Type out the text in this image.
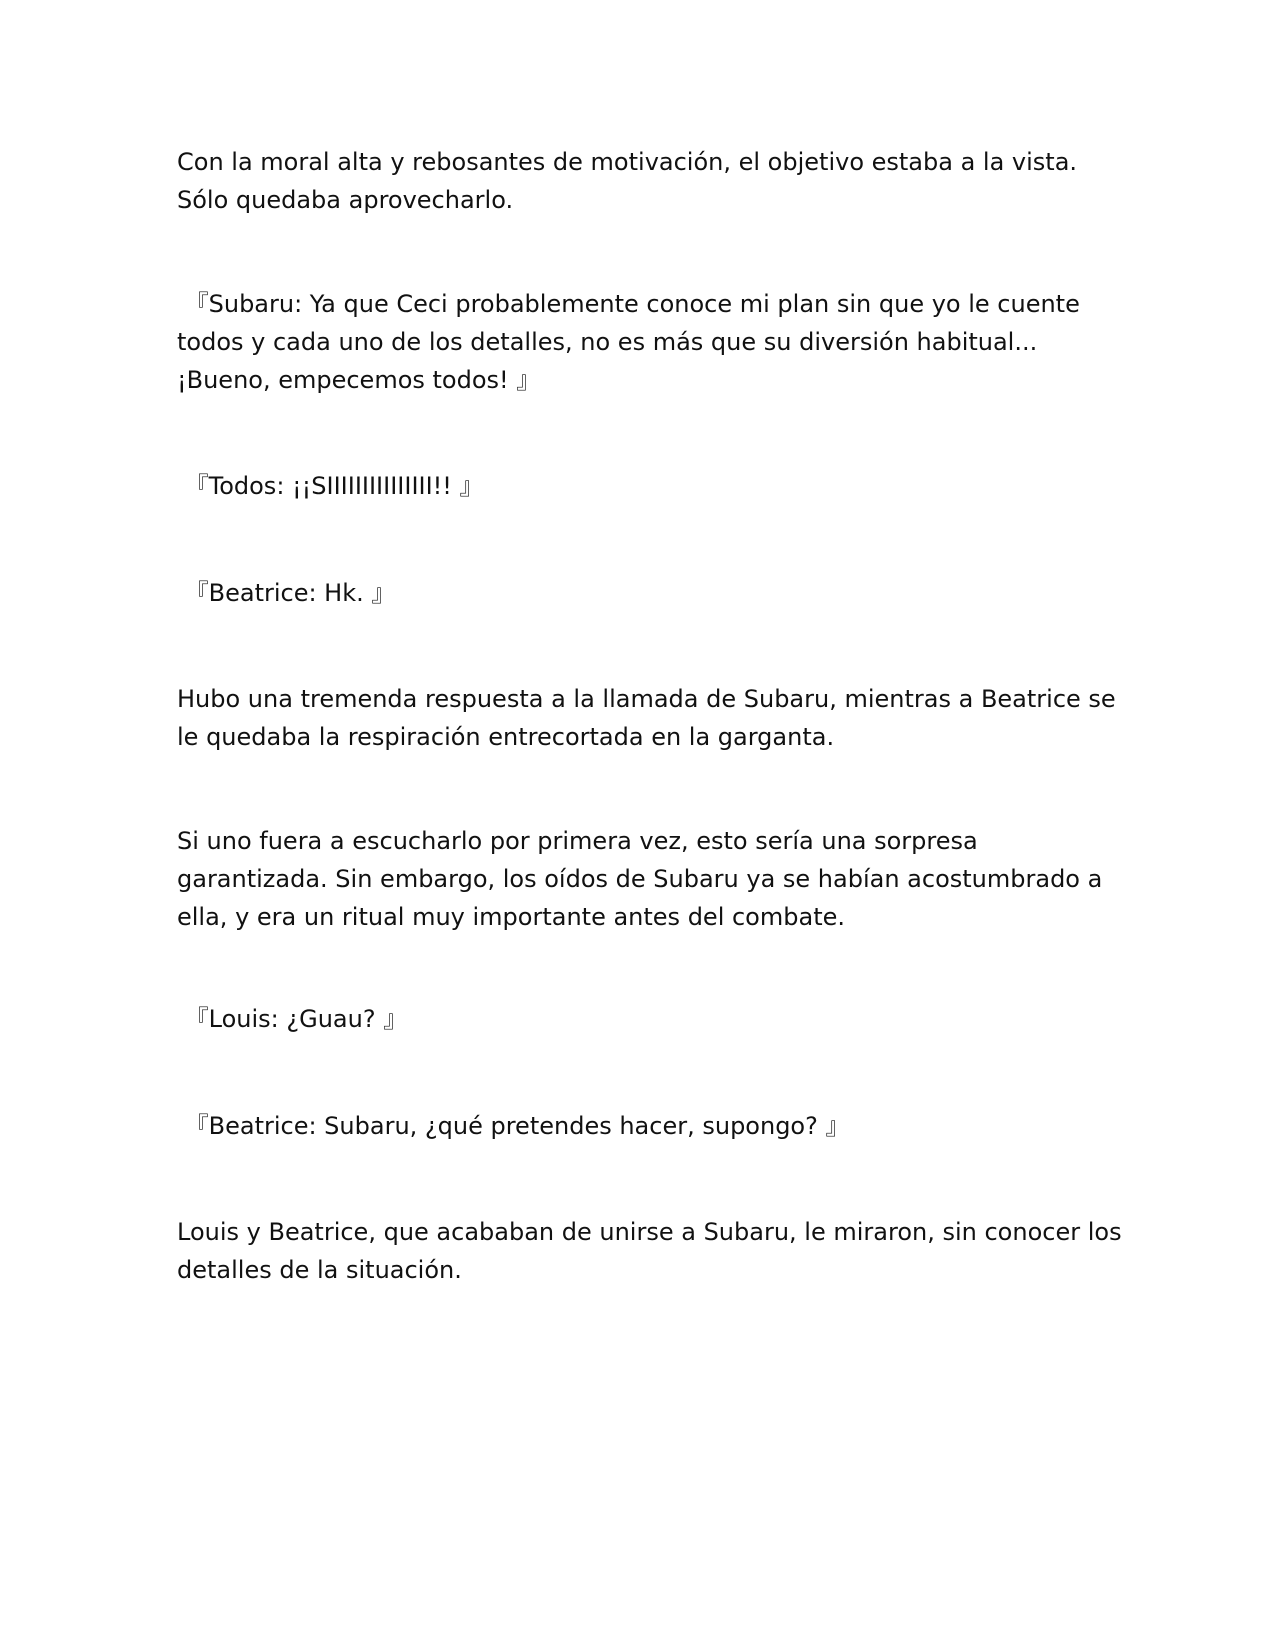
Con la moral alta y rebosantes de motivación, el objetivo estaba a la vista.
Sólo quedaba aprovecharlo.

『Subaru: Ya que Ceci probablemente conoce mi plan sin que yo le cuente
todos y cada uno de los detalles, no es más que su diversión habitual...
¡Bueno, empecemos todos! 』

『Todos: ¡¡SIIIIIIIIIIIIIII!! 』

『Beatrice: Hk. 』

Hubo una tremenda respuesta a la llamada de Subaru, mientras a Beatrice se
le quedaba la respiración entrecortada en la garganta.

Si uno fuera a escucharlo por primera vez, esto sería una sorpresa
garantizada. Sin embargo, los oídos de Subaru ya se habían acostumbrado a
ella, y era un ritual muy importante antes del combate.

『Louis: ¿Guau? 』

『Beatrice: Subaru, ¿qué pretendes hacer, supongo? 』

Louis y Beatrice, que acababan de unirse a Subaru, le miraron, sin conocer los
detalles de la situación.
